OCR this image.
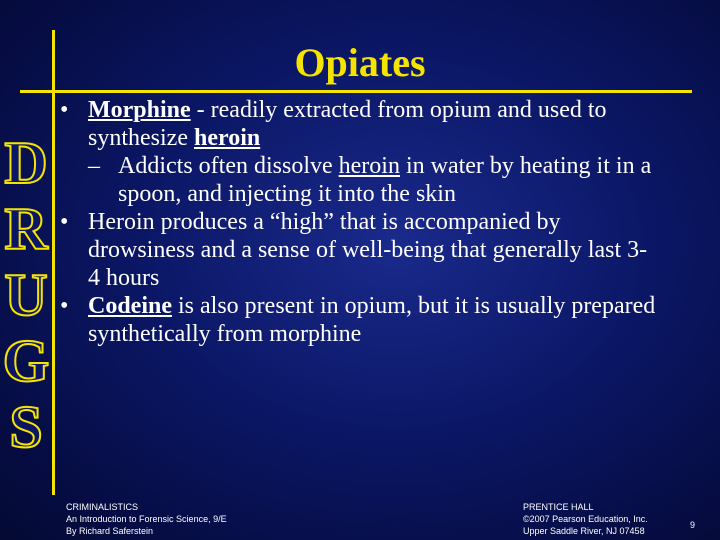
Opiates
D
R
U
G
S

• Morphine - readily extracted from opium and used to synthesize heroin

– Addicts often dissolve heroin in water by heating it in a spoon, and injecting it into the skin

• Heroin produces a “high” that is accompanied by drowsiness and a sense of well-being that generally last 3-4 hours

• Codeine is also present in opium, but it is usually prepared synthetically from morphine

CRIMINALISTICS
An Introduction to Forensic Science, 9/E
By Richard Saferstein
PRENTICE HALL
©2007 Pearson Education, Inc.
Upper Saddle River, NJ 07458
9
